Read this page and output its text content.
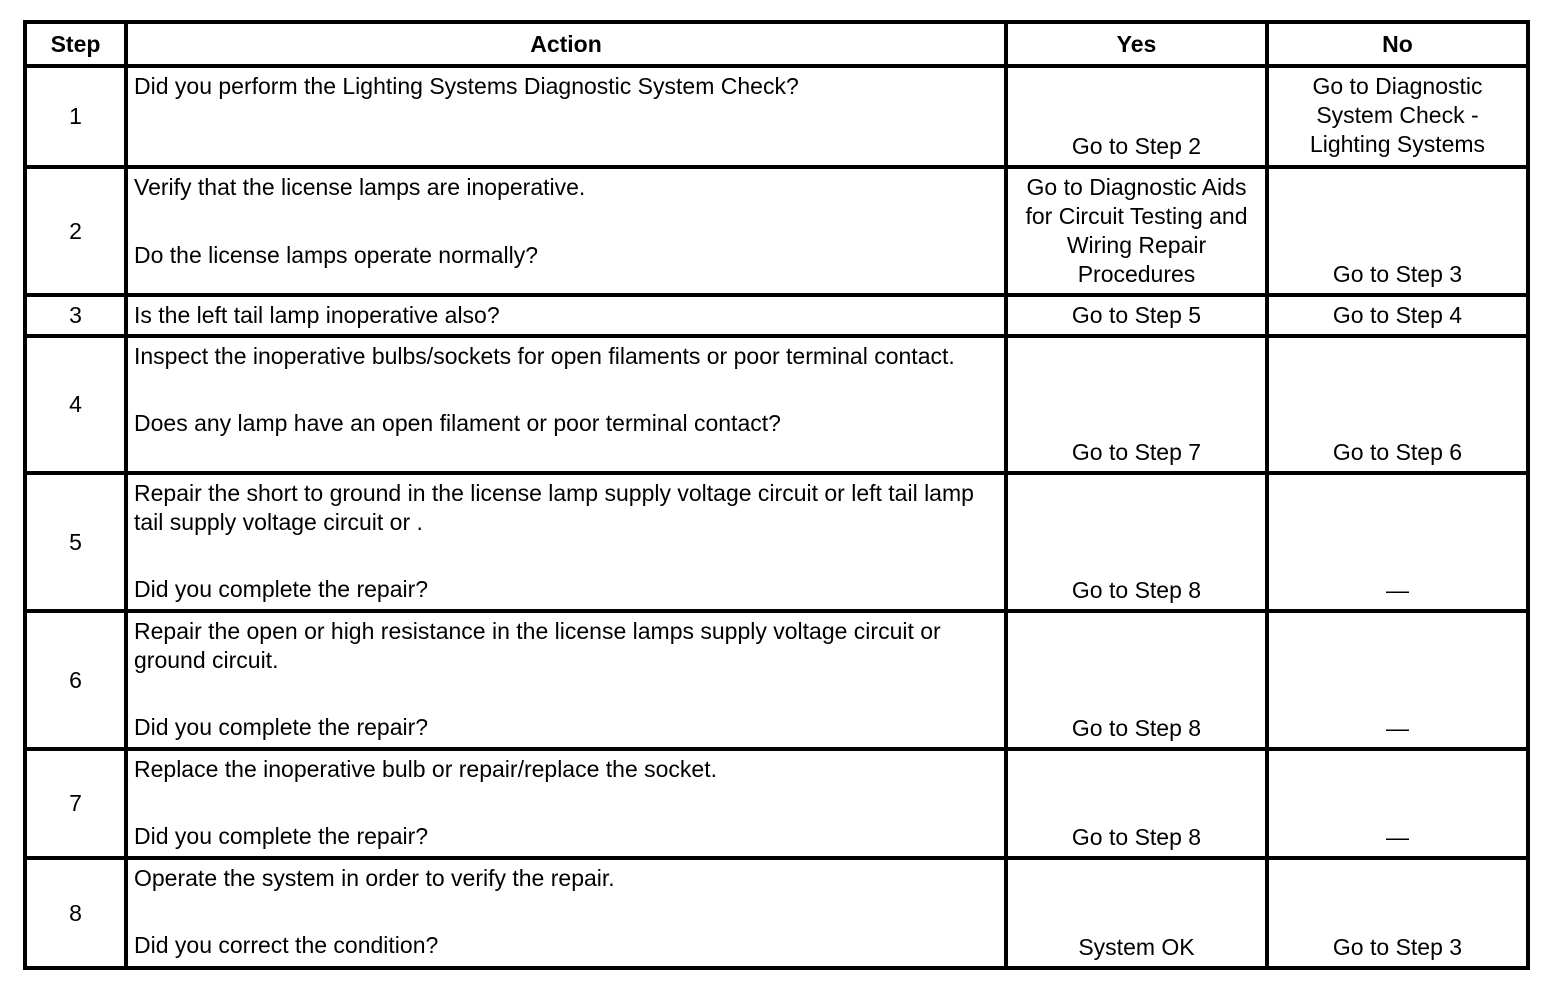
Step	Action	Yes	No
1	Did you perform the Lighting Systems Diagnostic System Check?	Go to Step 2	Go to Diagnostic
System Check -
Lighting Systems

2	Verify that the license lamps are inoperative.
Do the license lamps operate normally?	Go to Diagnostic Aids
for Circuit Testing and
Wiring Repair
Procedures	Go to Step 3

3	Is the left tail lamp inoperative also?	Go to Step 5	Go to Step 4

4	Inspect the inoperative bulbs/sockets for open filaments or poor terminal contact.
Does any lamp have an open filament or poor terminal contact?	Go to Step 7	Go to Step 6

5	Repair the short to ground in the license lamp supply voltage circuit or left tail lamp tail supply voltage circuit or .
Did you complete the repair?	Go to Step 8	—

6	Repair the open or high resistance in the license lamps supply voltage circuit or ground circuit.
Did you complete the repair?	Go to Step 8	—

7	Replace the inoperative bulb or repair/replace the socket.
Did you complete the repair?	Go to Step 8	—

8	Operate the system in order to verify the repair.
Did you correct the condition?	System OK	Go to Step 3
